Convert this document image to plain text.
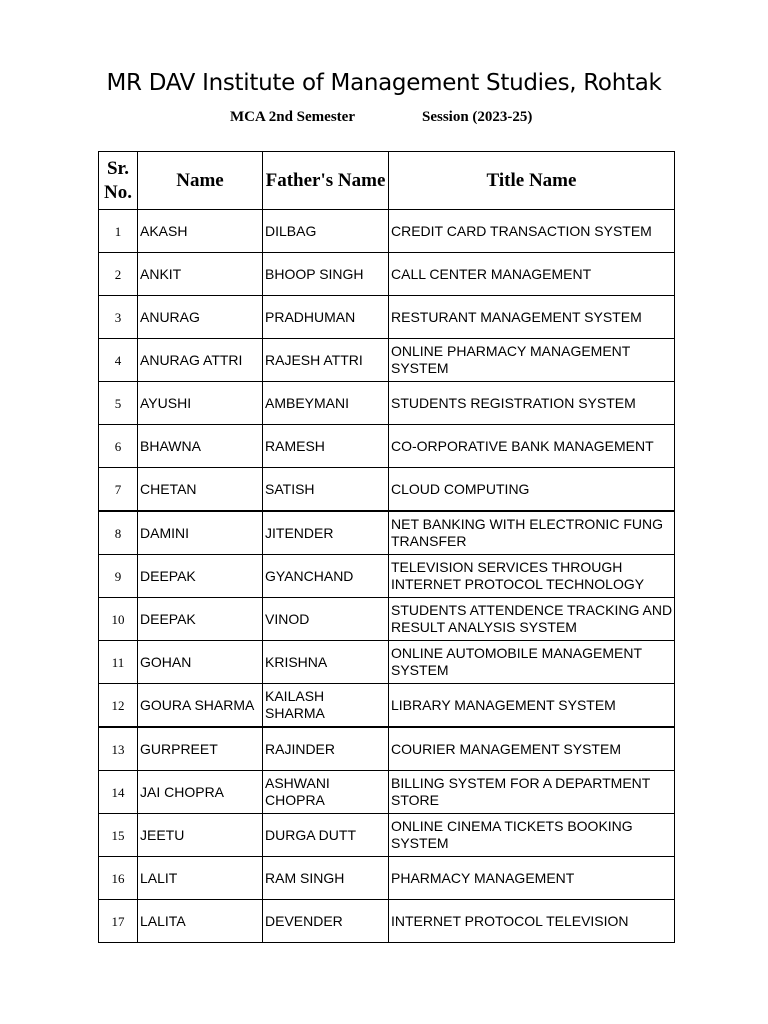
MR DAV Institute of Management Studies, Rohtak
MCA 2nd Semester	Session (2023-25)
Sr. No.	Name	Father's Name	Title Name
1	AKASH	DILBAG	CREDIT CARD TRANSACTION SYSTEM
2	ANKIT	BHOOP SINGH	CALL CENTER MANAGEMENT
3	ANURAG	PRADHUMAN	RESTURANT MANAGEMENT SYSTEM
4	ANURAG ATTRI	RAJESH ATTRI	ONLINE PHARMACY MANAGEMENT SYSTEM
5	AYUSHI	AMBEYMANI	STUDENTS REGISTRATION SYSTEM
6	BHAWNA	RAMESH	CO-ORPORATIVE BANK MANAGEMENT
7	CHETAN	SATISH	CLOUD COMPUTING
8	DAMINI	JITENDER	NET BANKING WITH ELECTRONIC FUNG TRANSFER
9	DEEPAK	GYANCHAND	TELEVISION SERVICES THROUGH INTERNET PROTOCOL TECHNOLOGY
10	DEEPAK	VINOD	STUDENTS ATTENDENCE TRACKING AND RESULT ANALYSIS SYSTEM
11	GOHAN	KRISHNA	ONLINE AUTOMOBILE MANAGEMENT SYSTEM
12	GOURA SHARMA	KAILASH SHARMA	LIBRARY MANAGEMENT SYSTEM
13	GURPREET	RAJINDER	COURIER MANAGEMENT SYSTEM
14	JAI CHOPRA	ASHWANI CHOPRA	BILLING SYSTEM FOR A DEPARTMENT STORE
15	JEETU	DURGA DUTT	ONLINE CINEMA TICKETS BOOKING SYSTEM
16	LALIT	RAM SINGH	PHARMACY MANAGEMENT
17	LALITA	DEVENDER	INTERNET PROTOCOL TELEVISION
